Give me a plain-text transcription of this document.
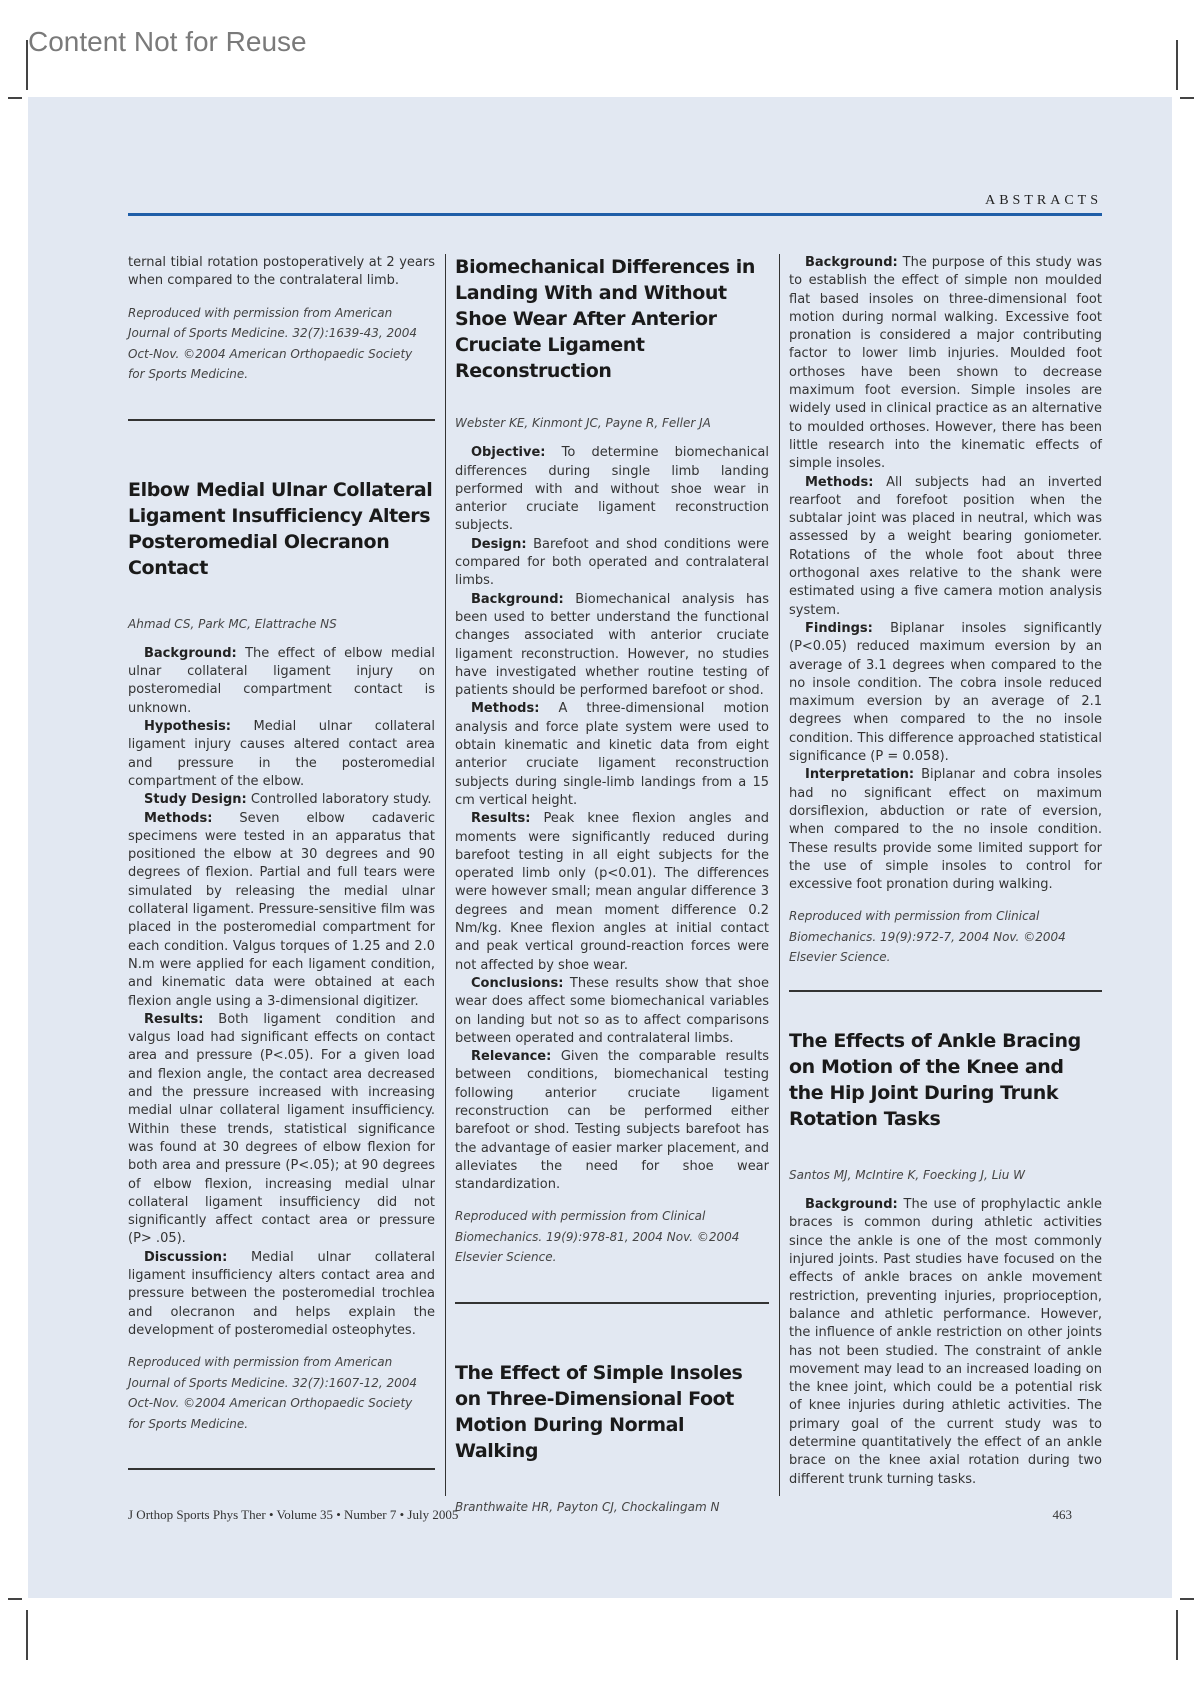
Content Not for Reuse
ABSTRACTS

ternal tibial rotation postoperatively at 2 years when compared to the contralateral limb.

Reproduced with permission from American Journal of Sports Medicine. 32(7):1639-43, 2004 Oct-Nov. ©2004 American Orthopaedic Society for Sports Medicine.

Elbow Medial Ulnar Collateral Ligament Insufficiency Alters Posteromedial Olecranon Contact

Ahmad CS, Park MC, Elattrache NS

Background: The effect of elbow medial ulnar collateral ligament injury on posteromedial compartment contact is unknown.

Hypothesis: Medial ulnar collateral ligament injury causes altered contact area and pressure in the posteromedial compartment of the elbow.

Study Design: Controlled laboratory study.

Methods: Seven elbow cadaveric specimens were tested in an apparatus that positioned the elbow at 30 degrees and 90 degrees of flexion. Partial and full tears were simulated by releasing the medial ulnar collateral ligament. Pressure-sensitive film was placed in the posteromedial compartment for each condition. Valgus torques of 1.25 and 2.0 N.m were applied for each ligament condition, and kinematic data were obtained at each flexion angle using a 3-dimensional digitizer.

Results: Both ligament condition and valgus load had significant effects on contact area and pressure (P<.05). For a given load and flexion angle, the contact area decreased and the pressure increased with increasing medial ulnar collateral ligament insufficiency. Within these trends, statistical significance was found at 30 degrees of elbow flexion for both area and pressure (P<.05); at 90 degrees of elbow flexion, increasing medial ulnar collateral ligament insufficiency did not significantly affect contact area or pressure (P> .05).

Discussion: Medial ulnar collateral ligament insufficiency alters contact area and pressure between the posteromedial trochlea and olecranon and helps explain the development of posteromedial osteophytes.

Reproduced with permission from American Journal of Sports Medicine. 32(7):1607-12, 2004 Oct-Nov. ©2004 American Orthopaedic Society for Sports Medicine.

Biomechanical Differences in Landing With and Without Shoe Wear After Anterior Cruciate Ligament Reconstruction

Webster KE, Kinmont JC, Payne R, Feller JA

Objective: To determine biomechanical differences during single limb landing performed with and without shoe wear in anterior cruciate ligament reconstruction subjects.

Design: Barefoot and shod conditions were compared for both operated and contralateral limbs.

Background: Biomechanical analysis has been used to better understand the functional changes associated with anterior cruciate ligament reconstruction. However, no studies have investigated whether routine testing of patients should be performed barefoot or shod.

Methods: A three-dimensional motion analysis and force plate system were used to obtain kinematic and kinetic data from eight anterior cruciate ligament reconstruction subjects during single-limb landings from a 15 cm vertical height.

Results: Peak knee flexion angles and moments were significantly reduced during barefoot testing in all eight subjects for the operated limb only (p<0.01). The differences were however small; mean angular difference 3 degrees and mean moment difference 0.2 Nm/kg. Knee flexion angles at initial contact and peak vertical ground-reaction forces were not affected by shoe wear.

Conclusions: These results show that shoe wear does affect some biomechanical variables on landing but not so as to affect comparisons between operated and contralateral limbs.

Relevance: Given the comparable results between conditions, biomechanical testing following anterior cruciate ligament reconstruction can be performed either barefoot or shod. Testing subjects barefoot has the advantage of easier marker placement, and alleviates the need for shoe wear standardization.

Reproduced with permission from Clinical Biomechanics. 19(9):978-81, 2004 Nov. ©2004 Elsevier Science.

The Effect of Simple Insoles on Three-Dimensional Foot Motion During Normal Walking

Branthwaite HR, Payton CJ, Chockalingam N

Background: The purpose of this study was to establish the effect of simple non moulded flat based insoles on three-dimensional foot motion during normal walking. Excessive foot pronation is considered a major contributing factor to lower limb injuries. Moulded foot orthoses have been shown to decrease maximum foot eversion. Simple insoles are widely used in clinical practice as an alternative to moulded orthoses. However, there has been little research into the kinematic effects of simple insoles.

Methods: All subjects had an inverted rearfoot and forefoot position when the subtalar joint was placed in neutral, which was assessed by a weight bearing goniometer. Rotations of the whole foot about three orthogonal axes relative to the shank were estimated using a five camera motion analysis system.

Findings: Biplanar insoles significantly (P<0.05) reduced maximum eversion by an average of 3.1 degrees when compared to the no insole condition. The cobra insole reduced maximum eversion by an average of 2.1 degrees when compared to the no insole condition. This difference approached statistical significance (P = 0.058).

Interpretation: Biplanar and cobra insoles had no significant effect on maximum dorsiflexion, abduction or rate of eversion, when compared to the no insole condition. These results provide some limited support for the use of simple insoles to control for excessive foot pronation during walking.

Reproduced with permission from Clinical Biomechanics. 19(9):972-7, 2004 Nov. ©2004 Elsevier Science.

The Effects of Ankle Bracing on Motion of the Knee and the Hip Joint During Trunk Rotation Tasks

Santos MJ, McIntire K, Foecking J, Liu W

Background: The use of prophylactic ankle braces is common during athletic activities since the ankle is one of the most commonly injured joints. Past studies have focused on the effects of ankle braces on ankle movement restriction, preventing injuries, proprioception, balance and athletic performance. However, the influence of ankle restriction on other joints has not been studied. The constraint of ankle movement may lead to an increased loading on the knee joint, which could be a potential risk of knee injuries during athletic activities. The primary goal of the current study was to determine quantitatively the effect of an ankle brace on the knee axial rotation during two different trunk turning tasks.

J Orthop Sports Phys Ther • Volume 35 • Number 7 • July 2005	463
